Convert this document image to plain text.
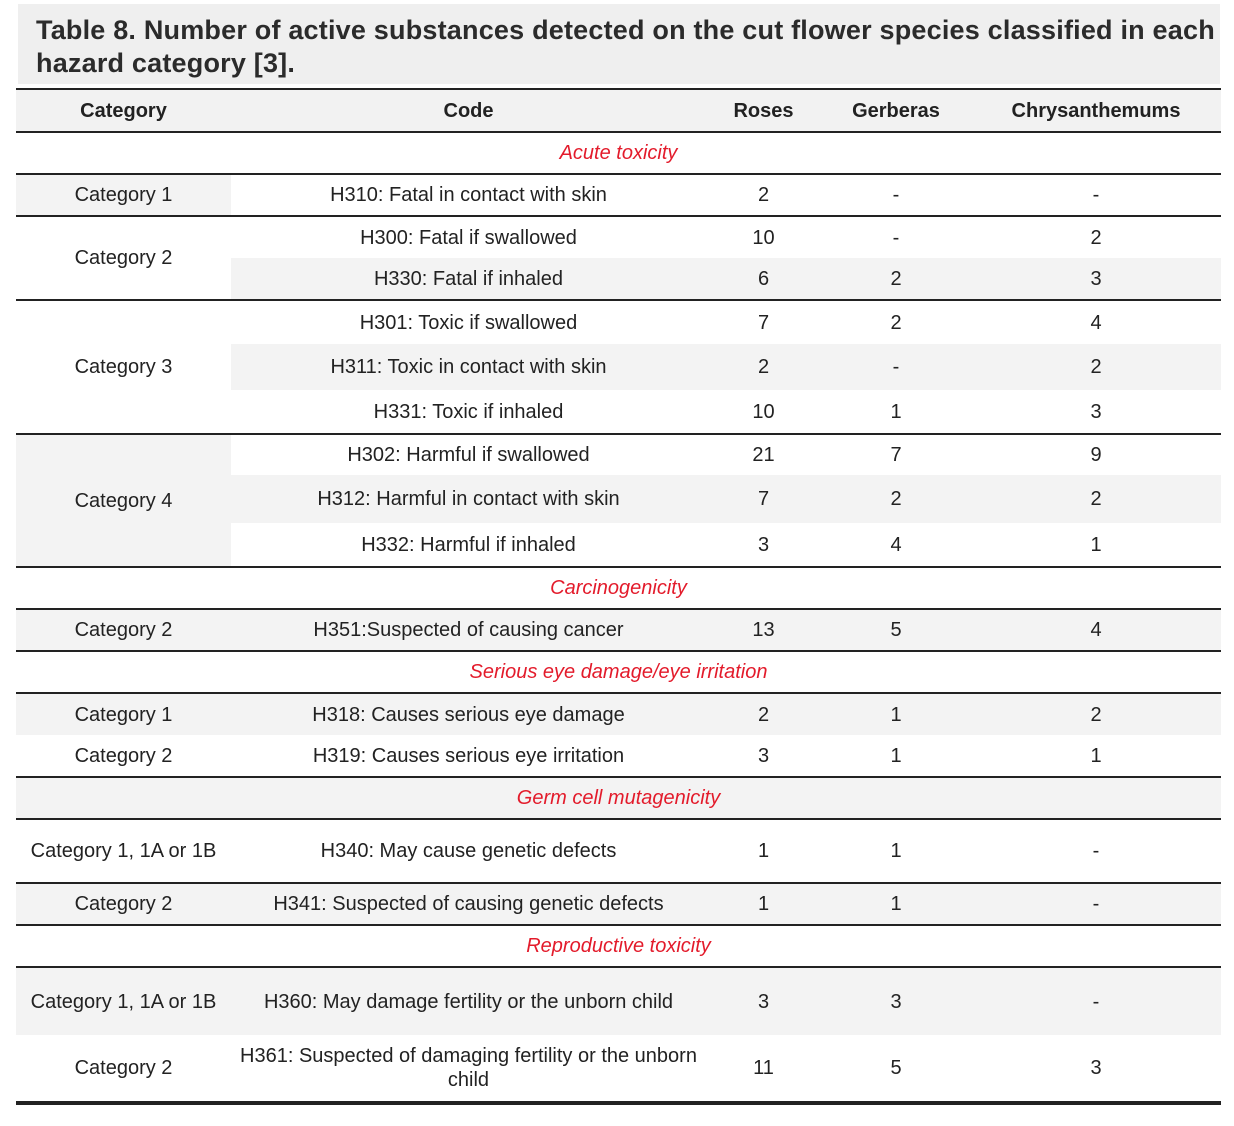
Table 8. Number of active substances detected on the cut flower species classified in each hazard category [3].
Category	Code	Roses	Gerberas	Chrysanthemums
Acute toxicity				
Category 1	H310: Fatal in contact with skin	2	-	-
Category 2	H300: Fatal if swallowed	10	-	2
	H330: Fatal if inhaled	6	2	3
Category 3	H301: Toxic if swallowed	7	2	4
	H311: Toxic in contact with skin	2	-	2
	H331: Toxic if inhaled	10	1	3
Category 4	H302: Harmful if swallowed	21	7	9
	H312: Harmful in contact with skin	7	2	2
	H332: Harmful if inhaled	3	4	1
Carcinogenicity				
Category 2	H351:Suspected of causing cancer	13	5	4
Serious eye damage/eye irritation				
Category 1	H318: Causes serious eye damage	2	1	2
Category 2	H319: Causes serious eye irritation	3	1	1
Germ cell mutagenicity				
Category 1, 1A or 1B	H340: May cause genetic defects	1	1	-
Category 2	H341: Suspected of causing genetic defects	1	1	-
Reproductive toxicity				
Category 1, 1A or 1B	H360: May damage fertility or the unborn child	3	3	-
Category 2	H361: Suspected of damaging fertility or the unborn child	11	5	3
